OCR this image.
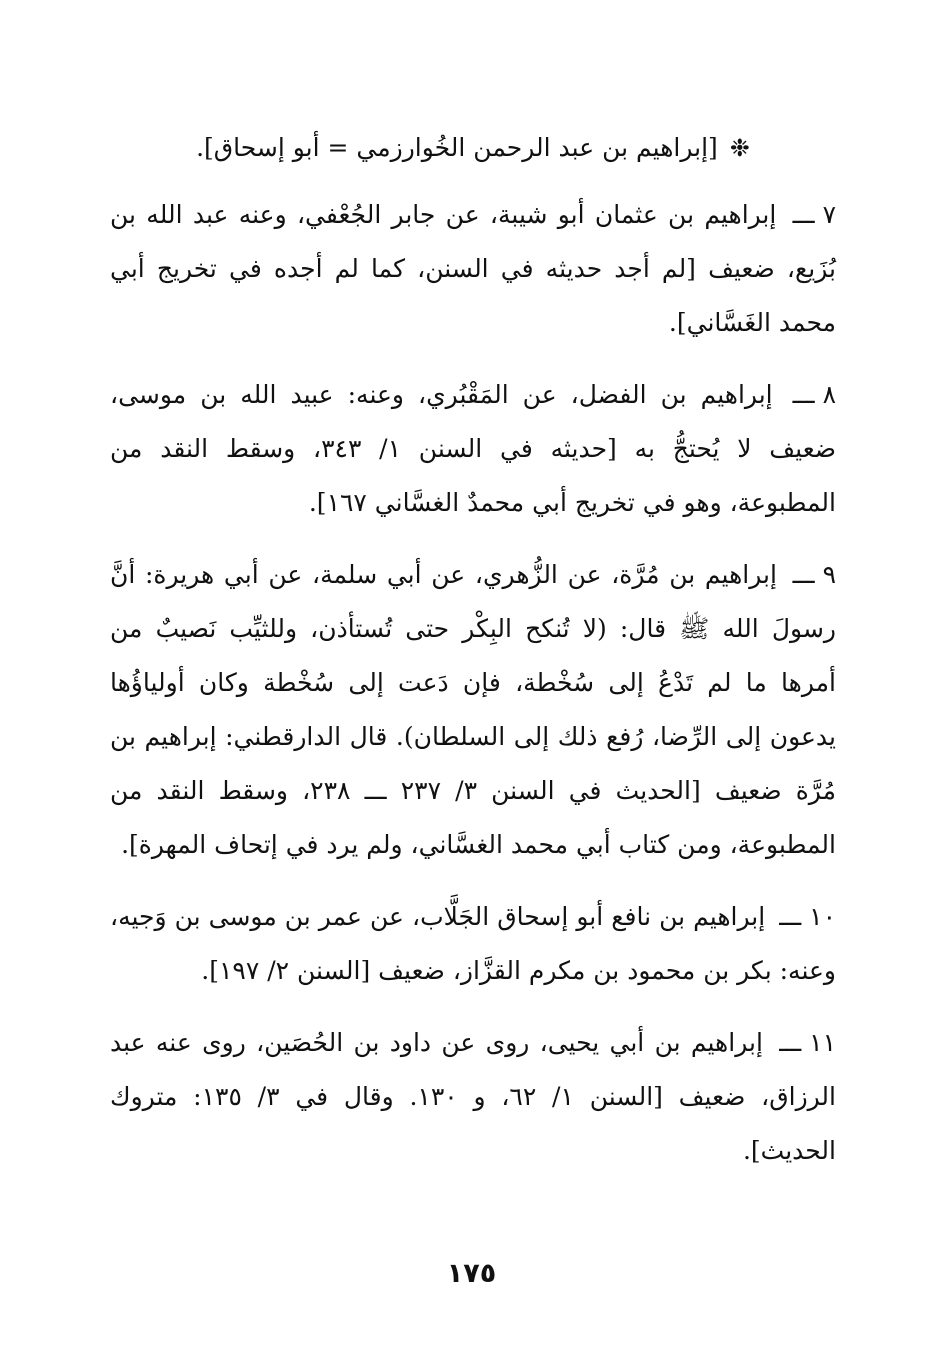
❉[إبراهيم بن عبد الرحمن الخُوارزمي = أبو إسحاق].

٧ ـــ إبراهيم بن عثمان أبو شيبة، عن جابر الجُعْفي، وعنه عبد الله بن بُزَيع، ضعيف [لم أجد حديثه في السنن، كما لم أجده في تخريج أبي محمد الغَسَّاني].

٨ ـــ إبراهيم بن الفضل، عن المَقْبُري، وعنه: عبيد الله بن موسى، ضعيف لا يُحتجُّ به [حديثه في السنن ١/ ٣٤٣، وسقط النقد من المطبوعة، وهو في تخريج أبي محمدٌ الغسَّاني ١٦٧].

٩ ـــ إبراهيم بن مُرَّة، عن الزُّهري، عن أبي سلمة، عن أبي هريرة: أنَّ رسولَ الله ﷺ قال: (لا تُنكح البِكْر حتى تُستأذن، وللثيِّب نَصيبٌ من أمرها ما لم تَدْعُ إلى سُخْطة، فإن دَعت إلى سُخْطة وكان أولياؤُها يدعون إلى الرِّضا، رُفع ذلك إلى السلطان). قال الدارقطني: إبراهيم بن مُرَّة ضعيف [الحديث في السنن ٣/ ٢٣٧ ـــ ٢٣٨، وسقط النقد من المطبوعة، ومن كتاب أبي محمد الغسَّاني، ولم يرد في إتحاف المهرة].

١٠ ـــ إبراهيم بن نافع أبو إسحاق الجَلَّاب، عن عمر بن موسى بن وَجيه، وعنه: بكر بن محمود بن مكرم القزَّاز، ضعيف [السنن ٢/ ١٩٧].

١١ ـــ إبراهيم بن أبي يحيى، روى عن داود بن الحُصَين، روى عنه عبد الرزاق، ضعيف [السنن ١/ ٦٢، و ١٣٠. وقال في ٣/ ١٣٥: متروك الحديث].

١٧٥
